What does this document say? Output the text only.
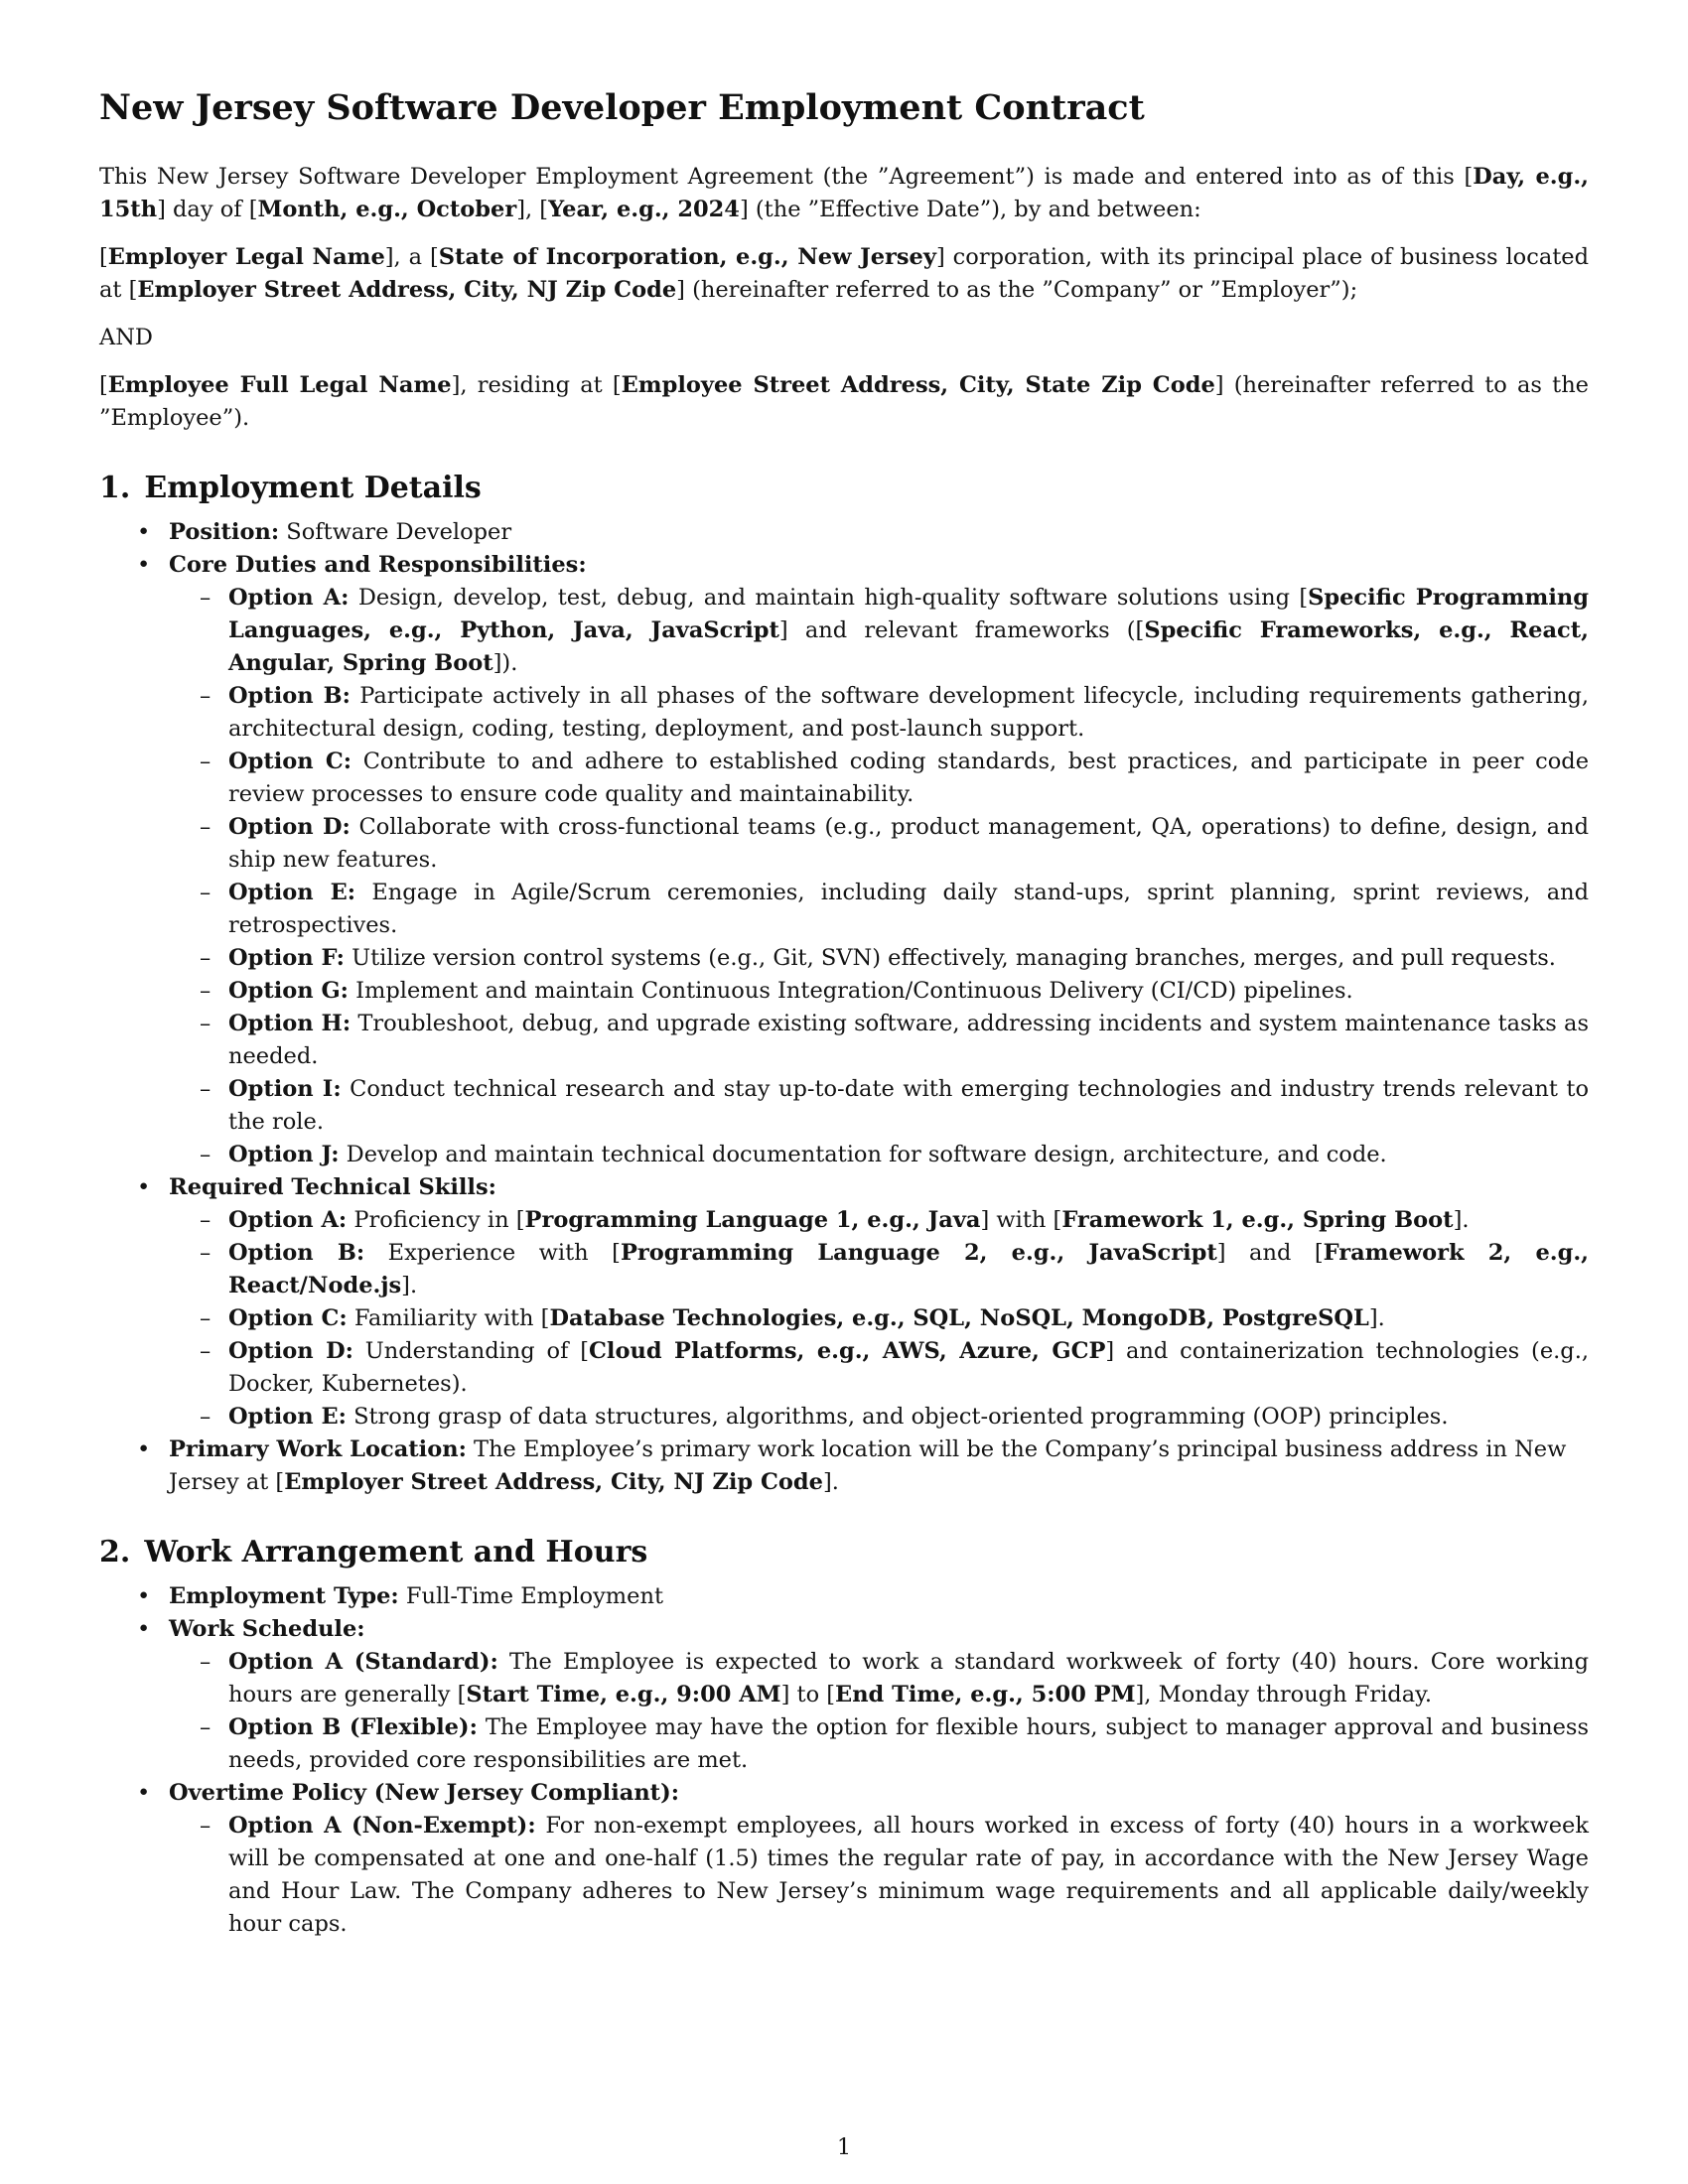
New Jersey Software Developer Employment Contract

This New Jersey Software Developer Employment Agreement (the ”Agreement”) is made and entered into as of this [Day, e.g., 15th] day of [Month, e.g., October], [Year, e.g., 2024] (the ”Effective Date”), by and between:

[Employer Legal Name], a [State of Incorporation, e.g., New Jersey] corporation, with its principal place of business located at [Employer Street Address, City, NJ Zip Code] (hereinafter referred to as the ”Company” or ”Employer”);

AND

[Employee Full Legal Name], residing at [Employee Street Address, City, State Zip Code] (hereinafter referred to as the ”Employee”).

1. Employment Details
• Position: Software Developer
• Core Duties and Responsibilities:
– Option A: Design, develop, test, debug, and maintain high-quality software solutions using [Specific Programming Languages, e.g., Python, Java, JavaScript] and relevant frameworks ([Specific Frameworks, e.g., React, Angular, Spring Boot]).
– Option B: Participate actively in all phases of the software development lifecycle, including requirements gathering, architectural design, coding, testing, deployment, and post-launch support.
– Option C: Contribute to and adhere to established coding standards, best practices, and participate in peer code review processes to ensure code quality and maintainability.
– Option D: Collaborate with cross-functional teams (e.g., product management, QA, operations) to define, design, and ship new features.
– Option E: Engage in Agile/Scrum ceremonies, including daily stand-ups, sprint planning, sprint reviews, and retrospectives.
– Option F: Utilize version control systems (e.g., Git, SVN) effectively, managing branches, merges, and pull requests.
– Option G: Implement and maintain Continuous Integration/Continuous Delivery (CI/CD) pipelines.
– Option H: Troubleshoot, debug, and upgrade existing software, addressing incidents and system maintenance tasks as needed.
– Option I: Conduct technical research and stay up-to-date with emerging technologies and industry trends relevant to the role.
– Option J: Develop and maintain technical documentation for software design, architecture, and code.
• Required Technical Skills:
– Option A: Proficiency in [Programming Language 1, e.g., Java] with [Framework 1, e.g., Spring Boot].
– Option B: Experience with [Programming Language 2, e.g., JavaScript] and [Framework 2, e.g., React/Node.js].
– Option C: Familiarity with [Database Technologies, e.g., SQL, NoSQL, MongoDB, PostgreSQL].
– Option D: Understanding of [Cloud Platforms, e.g., AWS, Azure, GCP] and containerization technologies (e.g., Docker, Kubernetes).
– Option E: Strong grasp of data structures, algorithms, and object-oriented programming (OOP) principles.
• Primary Work Location: The Employee’s primary work location will be the Company’s principal business address in New Jersey at [Employer Street Address, City, NJ Zip Code].
2. Work Arrangement and Hours
• Employment Type: Full-Time Employment
• Work Schedule:
– Option A (Standard): The Employee is expected to work a standard workweek of forty (40) hours. Core working hours are generally [Start Time, e.g., 9:00 AM] to [End Time, e.g., 5:00 PM], Monday through Friday.
– Option B (Flexible): The Employee may have the option for flexible hours, subject to manager approval and business needs, provided core responsibilities are met.
• Overtime Policy (New Jersey Compliant):
– Option A (Non-Exempt): For non-exempt employees, all hours worked in excess of forty (40) hours in a workweek will be compensated at one and one-half (1.5) times the regular rate of pay, in accordance with the New Jersey Wage and Hour Law. The Company adheres to New Jersey’s minimum wage requirements and all applicable daily/weekly hour caps.
1
